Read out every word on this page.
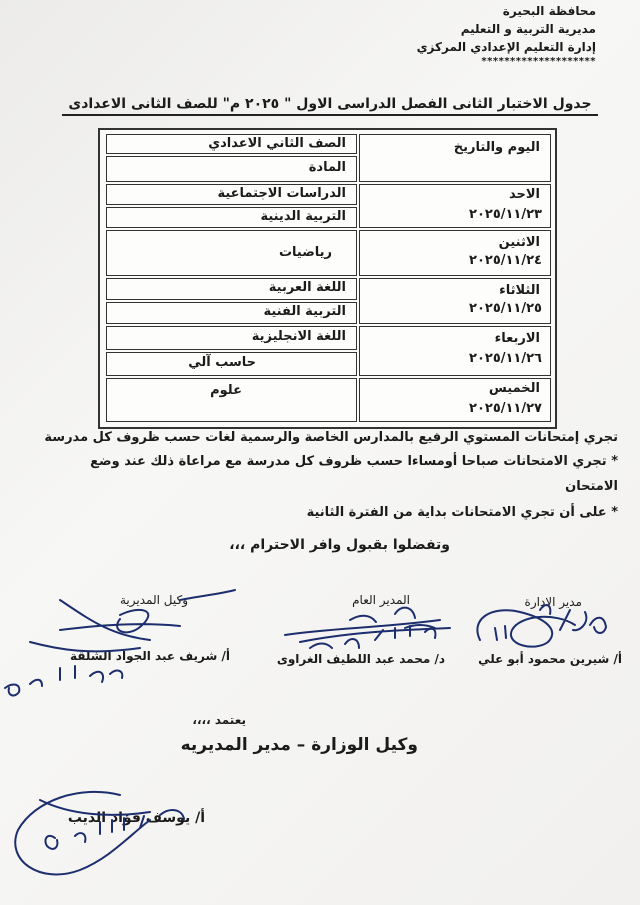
محافظة البحيرة
مديرية التربية و التعليم
إدارة التعليم الإعدادي المركزي
********************
جدول الاختبار الثانى الفصل الدراسى الاول " ٢٠٢٥ م" للصف الثانى الاعدادى
اليوم والتاريخ
الاحد
٢٠٢٥/١١/٢٣
الاثنين
٢٠٢٥/١١/٢٤
الثلاثاء
٢٠٢٥/١١/٢٥
الاربعاء
٢٠٢٥/١١/٢٦
الخميس
٢٠٢٥/١١/٢٧
الصف الثاني الاعدادي
المادة
الدراسات الاجتماعية
التربية الدينية
رياضيات
اللغة العربية
التربية الفنية
اللغة الانجليزية
حاسب آلي
علوم
تجري إمتحانات المستوي الرفيع بالمدارس الخاصة والرسمية لغات حسب ظروف كل مدرسة
* تجري الامتحانات صباحا أومساءا حسب ظروف كل مدرسة مع مراعاة ذلك عند وضع
الامتحان
* على أن تجري الامتحانات بداية من الفترة الثانية
وتفضلوا بقبول وافر الاحترام ،،،
مدير الادارة
المدير العام
وكيل المديرية
أ/ شيرين محمود أبو علي
د/ محمد عبد اللطيف الغراوى
أ/ شريف عبد الجواد الشلقة
يعتمد ،،،،
وكيل الوزارة – مدير المديريه
أ/ يوسف فؤاد الديب
